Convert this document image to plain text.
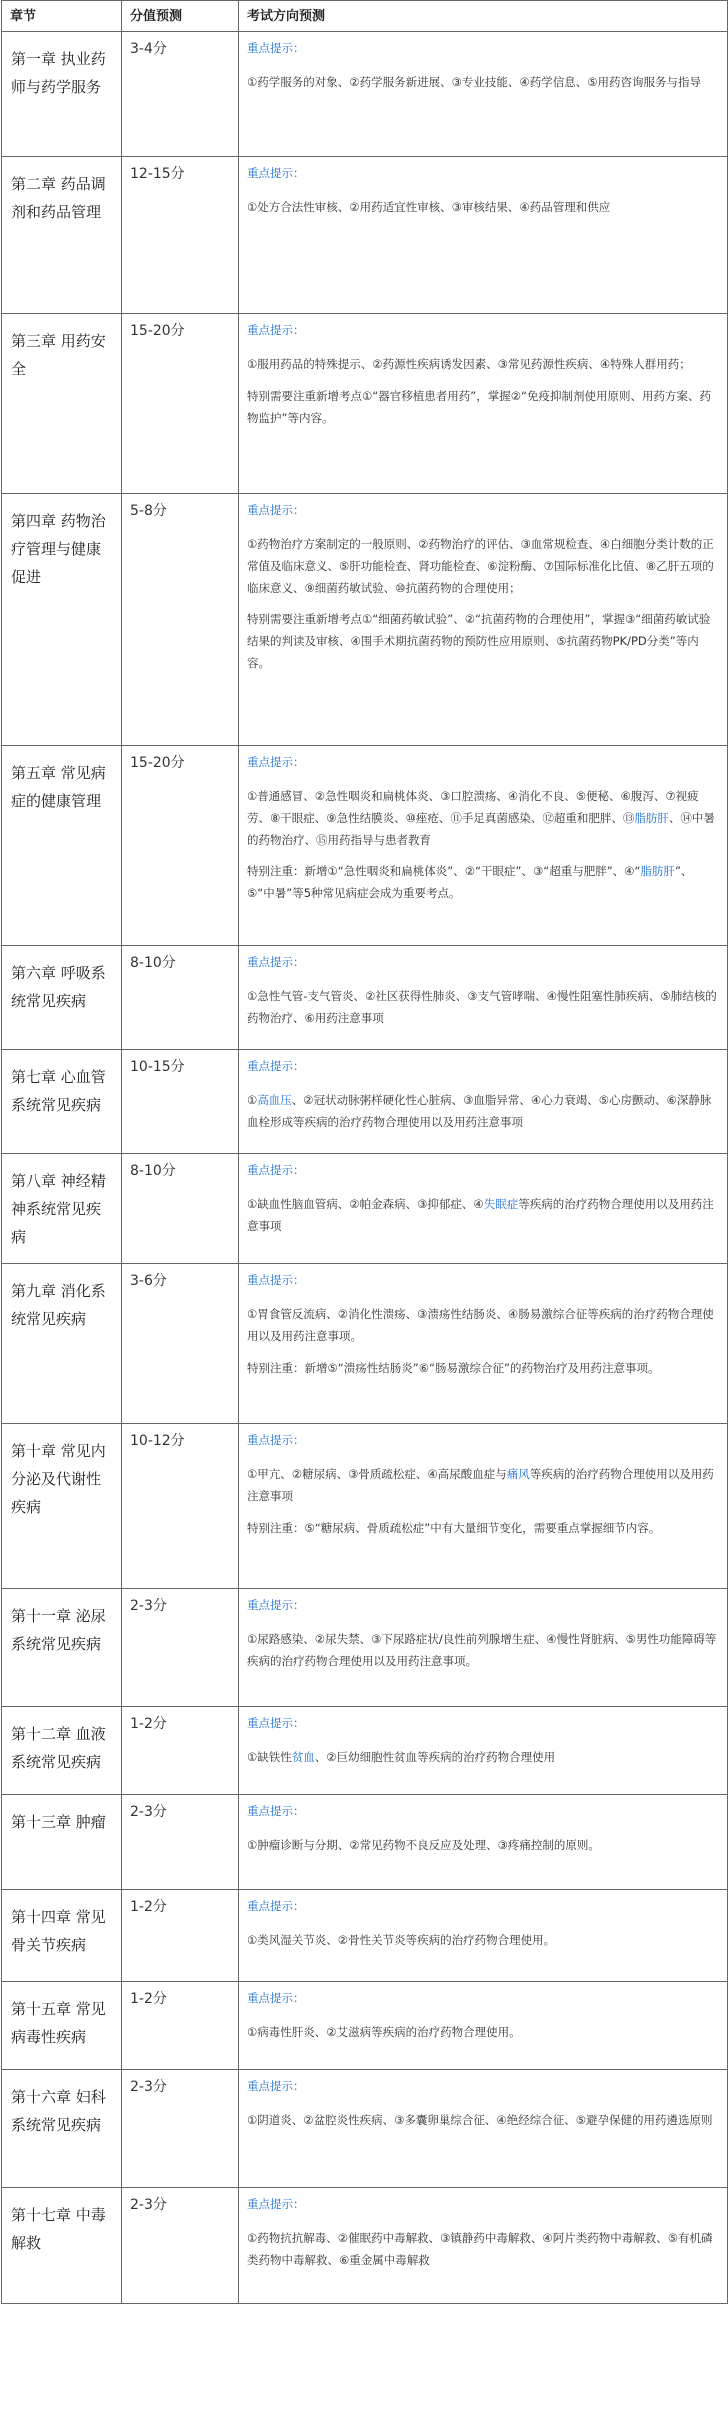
章节	分值预测	考试方向预测
第一章 执业药师与药学服务	3-4分	重点提示：
①药学服务的对象、②药学服务新进展、③专业技能、④药学信息、⑤用药咨询服务与指导

第二章 药品调剂和药品管理	12-15分	重点提示：
①处方合法性审核、②用药适宜性审核、③审核结果、④药品管理和供应

第三章 用药安全	15-20分	重点提示：
①服用药品的特殊提示、②药源性疾病诱发因素、③常见药源性疾病、④特殊人群用药；
特别需要注重新增考点①“器官移植患者用药”，掌握②“免疫抑制剂使用原则、用药方案、药物监护”等内容。

第四章 药物治疗管理与健康促进	5-8分	重点提示：
①药物治疗方案制定的一般原则、②药物治疗的评估、③血常规检查、④白细胞分类计数的正常值及临床意义、⑤肝功能检查、肾功能检查、⑥淀粉酶、⑦国际标准化比值、⑧乙肝五项的临床意义、⑨细菌药敏试验、⑩抗菌药物的合理使用；
特别需要注重新增考点①“细菌药敏试验”、②“抗菌药物的合理使用”，掌握③“细菌药敏试验结果的判读及审核、④围手术期抗菌药物的预防性应用原则、⑤抗菌药物PK/PD分类”等内容。

第五章 常见病症的健康管理	15-20分	重点提示：
①普通感冒、②急性咽炎和扁桃体炎、③口腔溃疡、④消化不良、⑤便秘、⑥腹泻、⑦视疲劳、⑧干眼症、⑨急性结膜炎、⑩痤疮、⑪手足真菌感染、⑫超重和肥胖、⑬脂肪肝、⑭中暑的药物治疗、⑮用药指导与患者教育
特别注重：新增①“急性咽炎和扁桃体炎”、②“干眼症”、③“超重与肥胖”、④“脂肪肝”、⑤“中暑”等5种常见病症会成为重要考点。

第六章 呼吸系统常见疾病	8-10分	重点提示：
①急性气管-支气管炎、②社区获得性肺炎、③支气管哮喘、④慢性阻塞性肺疾病、⑤肺结核的药物治疗、⑥用药注意事项

第七章 心血管系统常见疾病	10-15分	重点提示：
①高血压、②冠状动脉粥样硬化性心脏病、③血脂异常、④心力衰竭、⑤心房颤动、⑥深静脉血栓形成等疾病的治疗药物合理使用以及用药注意事项

第八章 神经精神系统常见疾病	8-10分	重点提示：
①缺血性脑血管病、②帕金森病、③抑郁症、④失眠症等疾病的治疗药物合理使用以及用药注意事项

第九章 消化系统常见疾病	3-6分	重点提示：
①胃食管反流病、②消化性溃疡、③溃疡性结肠炎、④肠易激综合征等疾病的治疗药物合理使用以及用药注意事项。
特别注重：新增⑤“溃疡性结肠炎”⑥“肠易激综合征”的药物治疗及用药注意事项。

第十章 常见内分泌及代谢性疾病	10-12分	重点提示：
①甲亢、②糖尿病、③骨质疏松症、④高尿酸血症与痛风等疾病的治疗药物合理使用以及用药注意事项
特别注重：⑤“糖尿病、骨质疏松症”中有大量细节变化，需要重点掌握细节内容。

第十一章 泌尿系统常见疾病	2-3分	重点提示：
①尿路感染、②尿失禁、③下尿路症状/良性前列腺增生症、④慢性肾脏病、⑤男性功能障碍等疾病的治疗药物合理使用以及用药注意事项。

第十二章 血液系统常见疾病	1-2分	重点提示：
①缺铁性贫血、②巨幼细胞性贫血等疾病的治疗药物合理使用

第十三章 肿瘤	2-3分	重点提示：
①肿瘤诊断与分期、②常见药物不良反应及处理、③疼痛控制的原则。

第十四章 常见骨关节疾病	1-2分	重点提示：
①类风湿关节炎、②骨性关节炎等疾病的治疗药物合理使用。

第十五章 常见病毒性疾病	1-2分	重点提示：
①病毒性肝炎、②艾滋病等疾病的治疗药物合理使用。

第十六章 妇科系统常见疾病	2-3分	重点提示：
①阴道炎、②盆腔炎性疾病、③多囊卵巢综合征、④绝经综合征、⑤避孕保健的用药遴选原则

第十七章 中毒解救	2-3分	重点提示：
①药物抗抗解毒、②催眠药中毒解救、③镇静药中毒解救、④阿片类药物中毒解救、⑤有机磷类药物中毒解救、⑥重金属中毒解救
